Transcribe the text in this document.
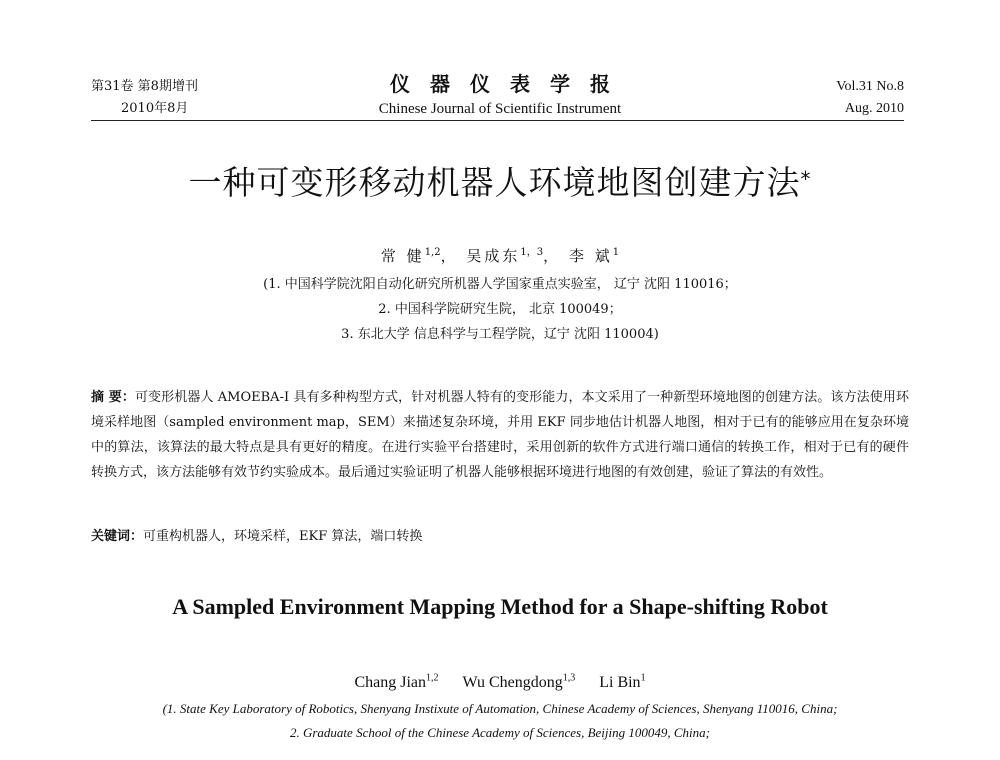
第31卷 第8期增刊
2010年8月
仪器仪表学报
Chinese Journal of Scientific Instrument
Vol.31 No.8
Aug. 2010
一种可变形移动机器人环境地图创建方法*
常 健$^{1,2}$， 吴成东$^{1,3}$， 李 斌$^1$
(1. 中国科学院沈阳自动化研究所机器人学国家重点实验室， 辽宁 沈阳 110016；
2. 中国科学院研究生院， 北京 100049；
3. 东北大学 信息科学与工程学院，辽宁 沈阳 110004)
摘 要：可变形机器人 AMOEBA-I 具有多种构型方式，针对机器人特有的变形能力，本文采用了一种新型环境地图的创建方法。该方法使用环境采样地图（sampled environment map，SEM）来描述复杂环境，并用 EKF 同步地估计机器人地图，相对于已有的能够应用在复杂环境中的算法，该算法的最大特点是具有更好的精度。在进行实验平台搭建时，采用创新的软件方式进行端口通信的转换工作，相对于已有的硬件转换方式，该方法能够有效节约实验成本。最后通过实验证明了机器人能够根据环境进行地图的有效创建，验证了算法的有效性。
关键词：可重构机器人，环境采样，EKF 算法，端口转换
A Sampled Environment Mapping Method for a Shape-shifting Robot
Chang Jian$^{1,2}$ Wu Chengdong$^{1,3}$ Li Bin$^1$
(1. State Key Laboratory of Robotics, Shenyang Instixute of Automation, Chinese Academy of Sciences, Shenyang 110016, China;
2. Graduate School of the Chinese Academy of Sciences, Beijing 100049, China;
